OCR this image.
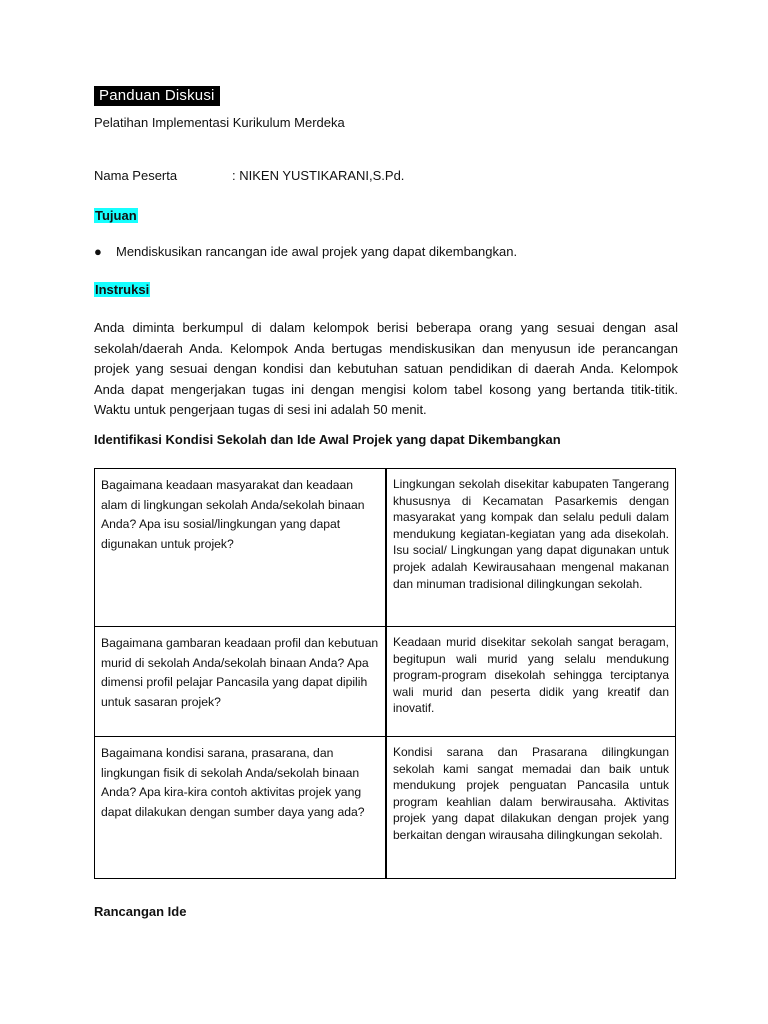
Panduan Diskusi
Pelatihan Implementasi Kurikulum Merdeka
Nama Peserta	: NIKEN YUSTIKARANI,S.Pd.
Tujuan
● Mendiskusikan rancangan ide awal projek yang dapat dikembangkan.
Instruksi
Anda diminta berkumpul di dalam kelompok berisi beberapa orang yang sesuai dengan asal sekolah/daerah Anda. Kelompok Anda bertugas mendiskusikan dan menyusun ide perancangan projek yang sesuai dengan kondisi dan kebutuhan satuan pendidikan di daerah Anda. Kelompok Anda dapat mengerjakan tugas ini dengan mengisi kolom tabel kosong yang bertanda titik-titik. Waktu untuk pengerjaan tugas di sesi ini adalah 50 menit.
Identifikasi Kondisi Sekolah dan Ide Awal Projek yang dapat Dikembangkan
Bagaimana keadaan masyarakat dan keadaan alam di lingkungan sekolah Anda/sekolah binaan Anda? Apa isu sosial/lingkungan yang dapat digunakan untuk projek?	Lingkungan sekolah disekitar kabupaten Tangerang khususnya di Kecamatan Pasarkemis dengan masyarakat yang kompak dan selalu peduli dalam mendukung kegiatan-kegiatan yang ada disekolah. Isu social/ Lingkungan yang dapat digunakan untuk projek adalah Kewirausahaan mengenal makanan dan minuman tradisional dilingkungan sekolah.
Bagaimana gambaran keadaan profil dan kebutuan murid di sekolah Anda/sekolah binaan Anda? Apa dimensi profil pelajar Pancasila yang dapat dipilih untuk sasaran projek?	Keadaan murid disekitar sekolah sangat beragam, begitupun wali murid yang selalu mendukung program-program disekolah sehingga terciptanya wali murid dan peserta didik yang kreatif dan inovatif.
Bagaimana kondisi sarana, prasarana, dan lingkungan fisik di sekolah Anda/sekolah binaan Anda? Apa kira-kira contoh aktivitas projek yang dapat dilakukan dengan sumber daya yang ada?	Kondisi sarana dan Prasarana dilingkungan sekolah kami sangat memadai dan baik untuk mendukung projek penguatan Pancasila untuk program keahlian dalam berwirausaha. Aktivitas projek yang dapat dilakukan dengan projek yang berkaitan dengan wirausaha dilingkungan sekolah.
Rancangan Ide
